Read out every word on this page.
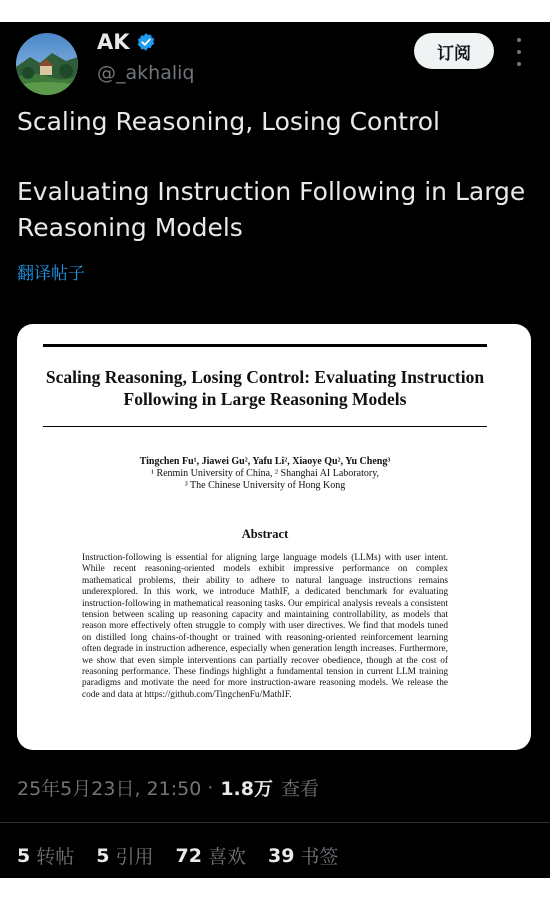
AK
@_akhaliq
订阅

Scaling Reasoning, Losing Control

Evaluating Instruction Following in Large Reasoning Models

翻译帖子
Scaling Reasoning, Losing Control: Evaluating Instruction Following in Large Reasoning Models
Tingchen Fu¹, Jiawei Gu², Yafu Li², Xiaoye Qu², Yu Cheng³
¹ Renmin University of China, ² Shanghai AI Laboratory,
³ The Chinese University of Hong Kong
Abstract
Instruction-following is essential for aligning large language models (LLMs) with user intent. While recent reasoning-oriented models exhibit impressive performance on complex mathematical problems, their ability to adhere to natural language instructions remains underexplored. In this work, we introduce MathIF, a dedicated benchmark for evaluating instruction-following in mathematical reasoning tasks. Our empirical analysis reveals a consistent tension between scaling up reasoning capacity and maintaining controllability, as models that reason more effectively often struggle to comply with user directives. We find that models tuned on distilled long chains-of-thought or trained with reasoning-oriented reinforcement learning often degrade in instruction adherence, especially when generation length increases. Furthermore, we show that even simple interventions can partially recover obedience, though at the cost of reasoning performance. These findings highlight a fundamental tension in current LLM training paradigms and motivate the need for more instruction-aware reasoning models. We release the code and data at https://github.com/TingchenFu/MathIF.
25年5月23日, 21:50 · 1.8万 查看
5 转帖 5 引用 72 喜欢 39 书签
